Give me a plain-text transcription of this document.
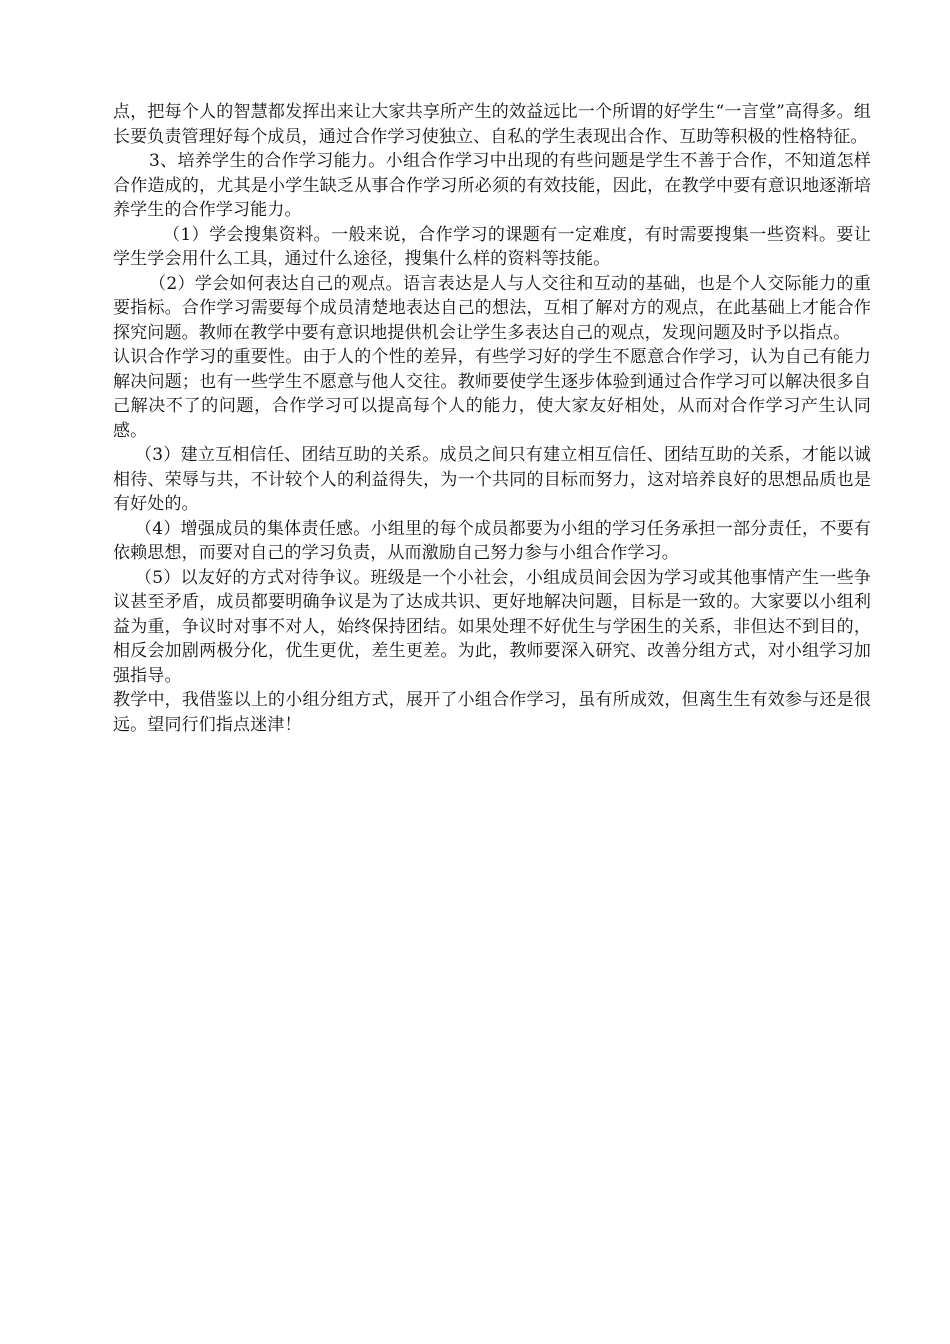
点，把每个人的智慧都发挥出来让大家共享所产生的效益远比一个所谓的好学生“一言堂”高得多。组长要负责管理好每个成员，通过合作学习使独立、自私的学生表现出合作、互助等积极的性格特征。

3、培养学生的合作学习能力。小组合作学习中出现的有些问题是学生不善于合作，不知道怎样合作造成的，尤其是小学生缺乏从事合作学习所必须的有效技能，因此，在教学中要有意识地逐渐培养学生的合作学习能力。

（1）学会搜集资料。一般来说，合作学习的课题有一定难度，有时需要搜集一些资料。要让学生学会用什么工具，通过什么途径，搜集什么样的资料等技能。

（2）学会如何表达自己的观点。语言表达是人与人交往和互动的基础，也是个人交际能力的重要指标。合作学习需要每个成员清楚地表达自己的想法，互相了解对方的观点，在此基础上才能合作探究问题。教师在教学中要有意识地提供机会让学生多表达自己的观点，发现问题及时予以指点。

认识合作学习的重要性。由于人的个性的差异，有些学习好的学生不愿意合作学习，认为自己有能力解决问题；也有一些学生不愿意与他人交往。教师要使学生逐步体验到通过合作学习可以解决很多自己解决不了的问题，合作学习可以提高每个人的能力，使大家友好相处，从而对合作学习产生认同感。

（3）建立互相信任、团结互助的关系。成员之间只有建立相互信任、团结互助的关系，才能以诚相待、荣辱与共，不计较个人的利益得失，为一个共同的目标而努力，这对培养良好的思想品质也是有好处的。

（4）增强成员的集体责任感。小组里的每个成员都要为小组的学习任务承担一部分责任，不要有依赖思想，而要对自己的学习负责，从而激励自己努力参与小组合作学习。

（5）以友好的方式对待争议。班级是一个小社会，小组成员间会因为学习或其他事情产生一些争议甚至矛盾，成员都要明确争议是为了达成共识、更好地解决问题，目标是一致的。大家要以小组利益为重，争议时对事不对人，始终保持团结。如果处理不好优生与学困生的关系，非但达不到目的，相反会加剧两极分化，优生更优，差生更差。为此，教师要深入研究、改善分组方式，对小组学习加强指导。

教学中，我借鉴以上的小组分组方式，展开了小组合作学习，虽有所成效，但离生生有效参与还是很远。望同行们指点迷津！
